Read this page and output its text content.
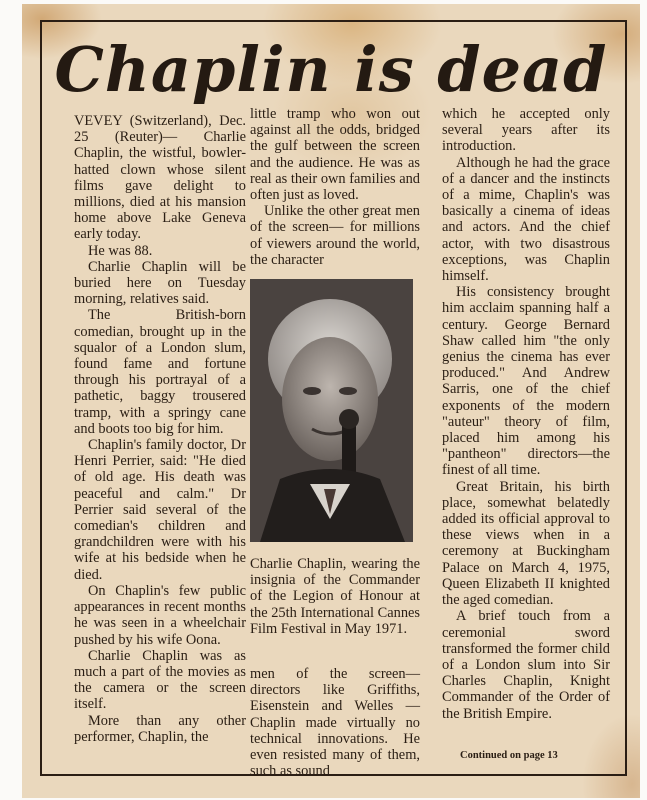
Chaplin is dead

VEVEY (Switzerland), Dec. 25 (Reuter)— Charlie Chaplin, the wistful, bowler-hatted clown whose silent films gave delight to millions, died at his mansion home above Lake Geneva early today.

He was 88.

Charlie Chaplin will be buried here on Tuesday morning, relatives said.

The British-born comedian, brought up in the squalor of a London slum, found fame and fortune through his portrayal of a pathetic, baggy trousered tramp, with a springy cane and boots too big for him.

Chaplin's family doctor, Dr Henri Perrier, said: "He died of old age. His death was peaceful and calm." Dr Perrier said several of the comedian's children and grandchildren were with his wife at his bedside when he died.

On Chaplin's few public appearances in recent months he was seen in a wheelchair pushed by his wife Oona.

Charlie Chaplin was as much a part of the movies as the camera or the screen itself.

More than any other performer, Chaplin, the

little tramp who won out against all the odds, bridged the gulf between the screen and the audience. He was as real as their own families and often just as loved.

Unlike the other great men of the screen— for millions of viewers around the world, the character

Charlie Chaplin, wearing the insignia of the Commander of the Legion of Honour at the 25th International Cannes Film Festival in May 1971.

men of the screen— directors like Griffiths, Eisenstein and Welles — Chaplin made virtually no technical innovations. He even resisted many of them, such as sound

which he accepted only several years after its introduction.

Although he had the grace of a dancer and the instincts of a mime, Chaplin's was basically a cinema of ideas and actors. And the chief actor, with two disastrous exceptions, was Chaplin himself.

His consistency brought him acclaim spanning half a century. George Bernard Shaw called him "the only genius the cinema has ever produced." And Andrew Sarris, one of the chief exponents of the modern "auteur" theory of film, placed him among his "pantheon" directors—the finest of all time.

Great Britain, his birth place, somewhat belatedly added its official approval to these views when in a ceremony at Buckingham Palace on March 4, 1975, Queen Elizabeth II knighted the aged comedian.

A brief touch from a ceremonial sword transformed the former child of a London slum into Sir Charles Chaplin, Knight Commander of the Order of the British Empire.

Continued on page 13
